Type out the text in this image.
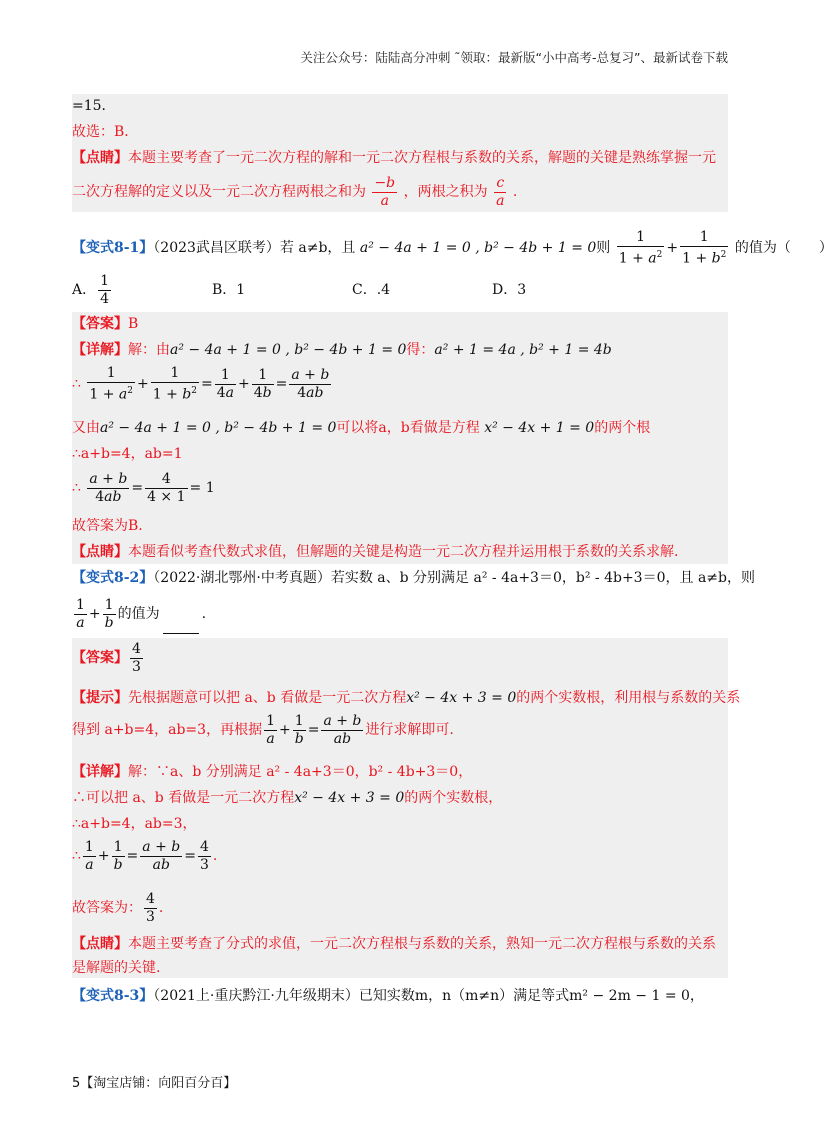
关注公众号：陆陆高分冲刺 ˜领取：最新版“小中高考-总复习”、最新试卷下载
=15．
故选：B．
【点睛】本题主要考查了一元二次方程的解和一元二次方程根与系数的关系，解题的关键是熟练掌握一元
二次方程解的定义以及一元二次方程两根之和为 $\frac{-b}{a}$ ，两根之积为 $\frac{c}{a}$ .
【变式8-1】（2023武昌区联考）若 a≠b，且 a² − 4a + 1 = 0 , b² − 4b + 1 = 0则 $\frac{1}{1 + a^2} + \frac{1}{1 + b^2}$ 的值为（　　）
A． $\frac{1}{4}$	B．1	C．.4	D．3
【答案】B
【详解】解：由a² − 4a + 1 = 0 , b² − 4b + 1 = 0得：a² + 1 = 4a , b² + 1 = 4b
∴ $\frac{1}{1 + a^2} + \frac{1}{1 + b^2} = \frac{1}{4a} + \frac{1}{4b} = \frac{a + b}{4ab}$
又由a² − 4a + 1 = 0 , b² − 4b + 1 = 0可以将a，b看做是方程 x² − 4x + 1 = 0的两个根
∴a+b=4，ab=1
∴ $\frac{a + b}{4ab} = \frac{4}{4 \times 1} = 1$
故答案为B.
【点睛】本题看似考查代数式求值，但解题的关键是构造一元二次方程并运用根于系数的关系求解.
【变式8-2】（2022·湖北鄂州·中考真题）若实数 a、b 分别满足 a² - 4a+3＝0，b² - 4b+3＝0，且 a≠b，则
$\frac{1}{a} + \frac{1}{b}$ 的值为	.
【答案】 $\frac{4}{3}$
【提示】先根据题意可以把 a、b 看做是一元二次方程x² − 4x + 3 = 0的两个实数根，利用根与系数的关系
得到 a+b=4，ab=3，再根据 $\frac{1}{a} + \frac{1}{b} = \frac{a + b}{ab}$ 进行求解即可.
【详解】解：∵a、b 分别满足 a² - 4a+3＝0，b² - 4b+3＝0，
∴可以把 a、b 看做是一元二次方程x² − 4x + 3 = 0的两个实数根，
∴a+b=4，ab=3，
∴ $\frac{1}{a} + \frac{1}{b} = \frac{a + b}{ab} = \frac{4}{3}$ .
故答案为： $\frac{4}{3}$ .
【点睛】本题主要考查了分式的求值，一元二次方程根与系数的关系，熟知一元二次方程根与系数的关系
是解题的关键.
【变式8-3】（2021上·重庆黔江·九年级期末）已知实数m，n（m≠n）满足等式m² − 2m − 1 = 0，
5【淘宝店铺：向阳百分百】
